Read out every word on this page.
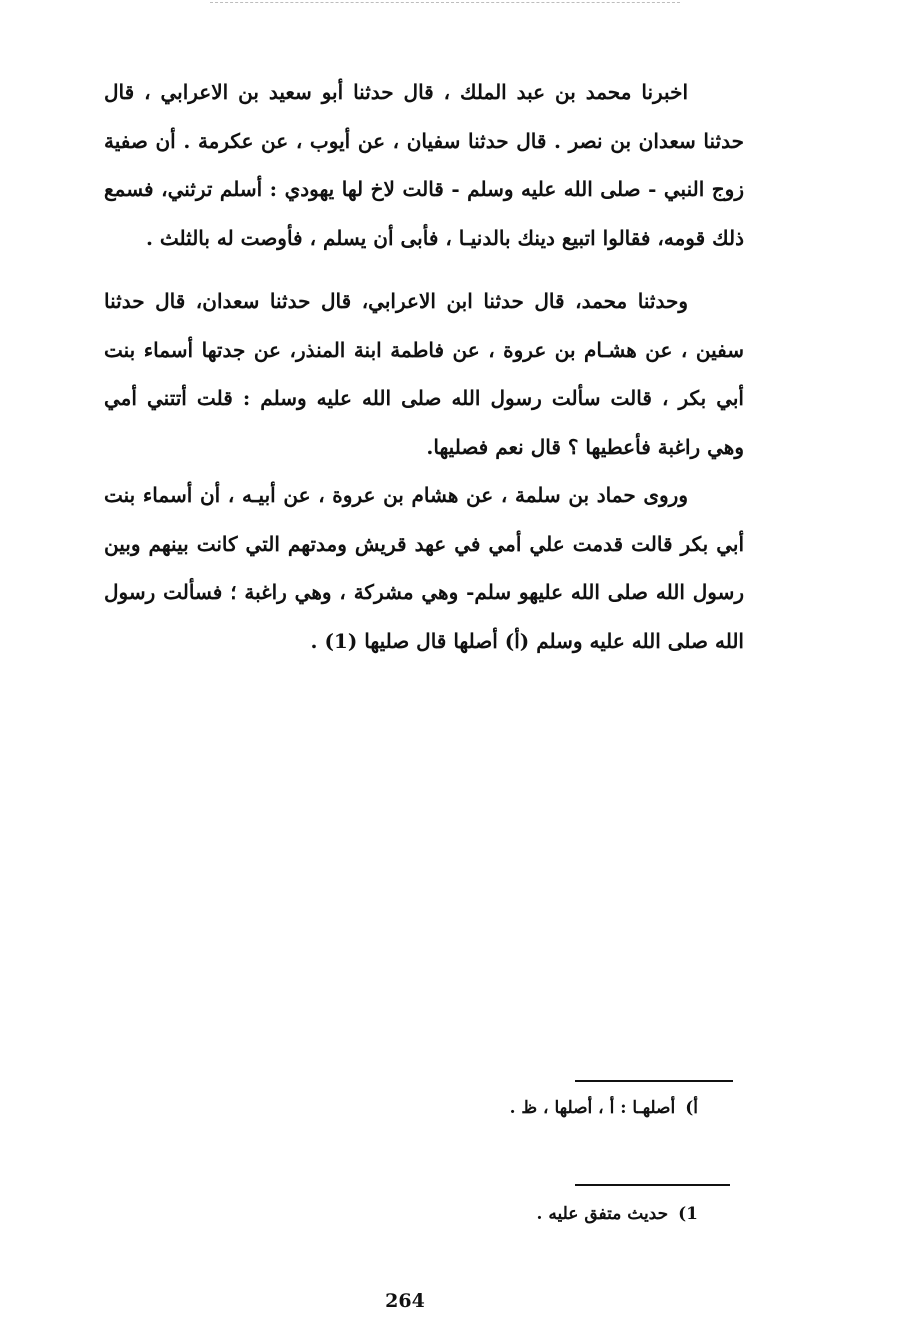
اخبرنا محمد بن عبد الملك ، قال حدثنا أبو سعيد بن الاعرابي ، قال حدثنا سعدان بن نصر . قال حدثنا سفيان ، عن أيوب ، عن عكرمة . أن صفية زوج النبي - صلى الله عليه وسلم - قالت لاخ لها يهودي : أسلم ترثني، فسمع ذلك قومه، فقالوا اتبيع دينك بالدنيـا ، فأبى أن يسلم ، فأوصت له بالثلث .

وحدثنا محمد، قال حدثنا ابن الاعرابي، قال حدثنا سعدان، قال حدثنا سفين ، عن هشـام بن عروة ، عن فاطمة ابنة المنذر، عن جدتها أسماء بنت أبي بكر ، قالت سألت رسول الله صلى الله عليه وسلم : قلت أتتني أمي وهي راغبة فأعطيها ؟ قال نعم فصليها.

وروى حماد بن سلمة ، عن هشام بن عروة ، عن أبيـه ، أن أسماء بنت أبي بكر قالت قدمت علي أمي في عهد قريش ومدتهم التي كانت بينهم وبين رسول الله صلى الله عليهو سلم- وهي مشركة ، وهي راغبة ؛ فسألت رسول الله صلى الله عليه وسلم (أ) أصلها قال صليها (1) .

أ)أصلهـا : أ ، أصلها ، ظ .
1)حديث متفق عليه .
264
